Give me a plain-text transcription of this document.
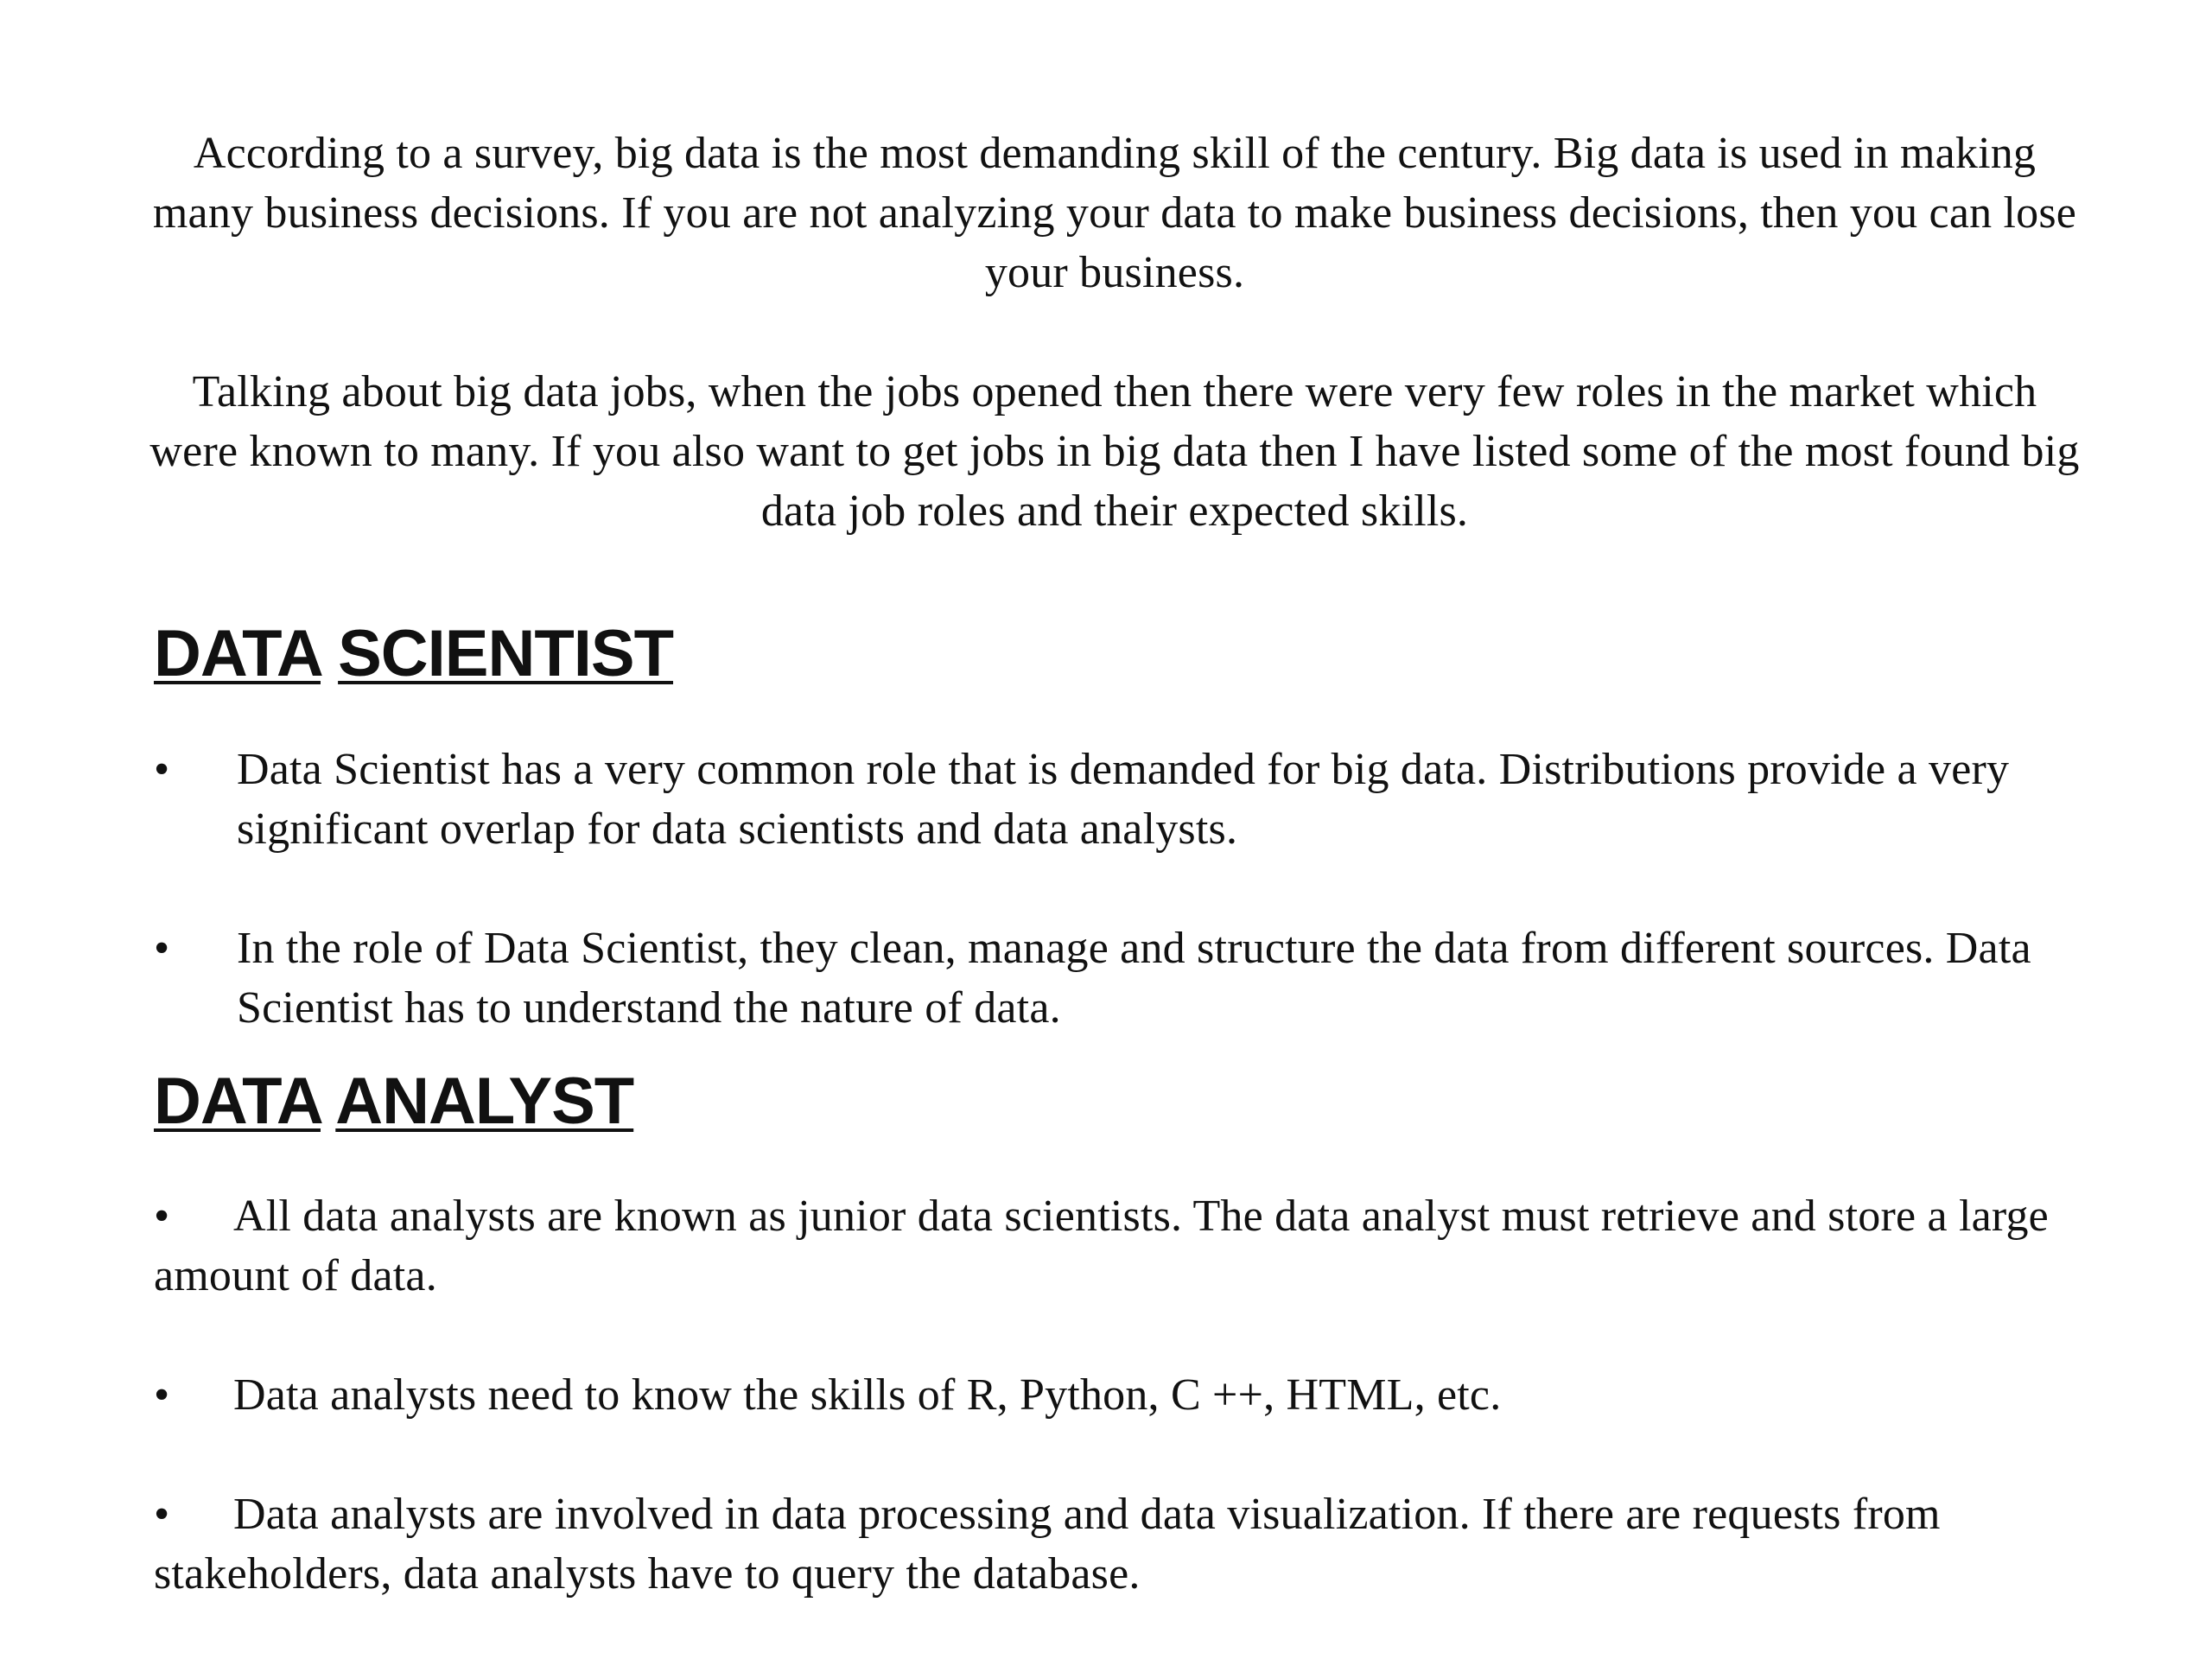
According to a survey, big data is the most demanding skill of the century. Big data is used in making many business decisions. If you are not analyzing your data to make business decisions, then you can lose your business.

Talking about big data jobs, when the jobs opened then there were very few roles in the market which were known to many. If you also want to get jobs in big data then I have listed some of the most found big data job roles and their expected skills.

DATA SCIENTIST
• Data Scientist has a very common role that is demanded for big data. Distributions provide a very significant overlap for data scientists and data analysts.
• In the role of Data Scientist, they clean, manage and structure the data from different sources. Data Scientist has to understand the nature of data.
DATA ANALYST
•	All data analysts are known as junior data scientists. The data analyst must retrieve and store a large amount of data.
•	Data analysts need to know the skills of R, Python, C ++, HTML, etc.
•	Data analysts are involved in data processing and data visualization. If there are requests from stakeholders, data analysts have to query the database.
